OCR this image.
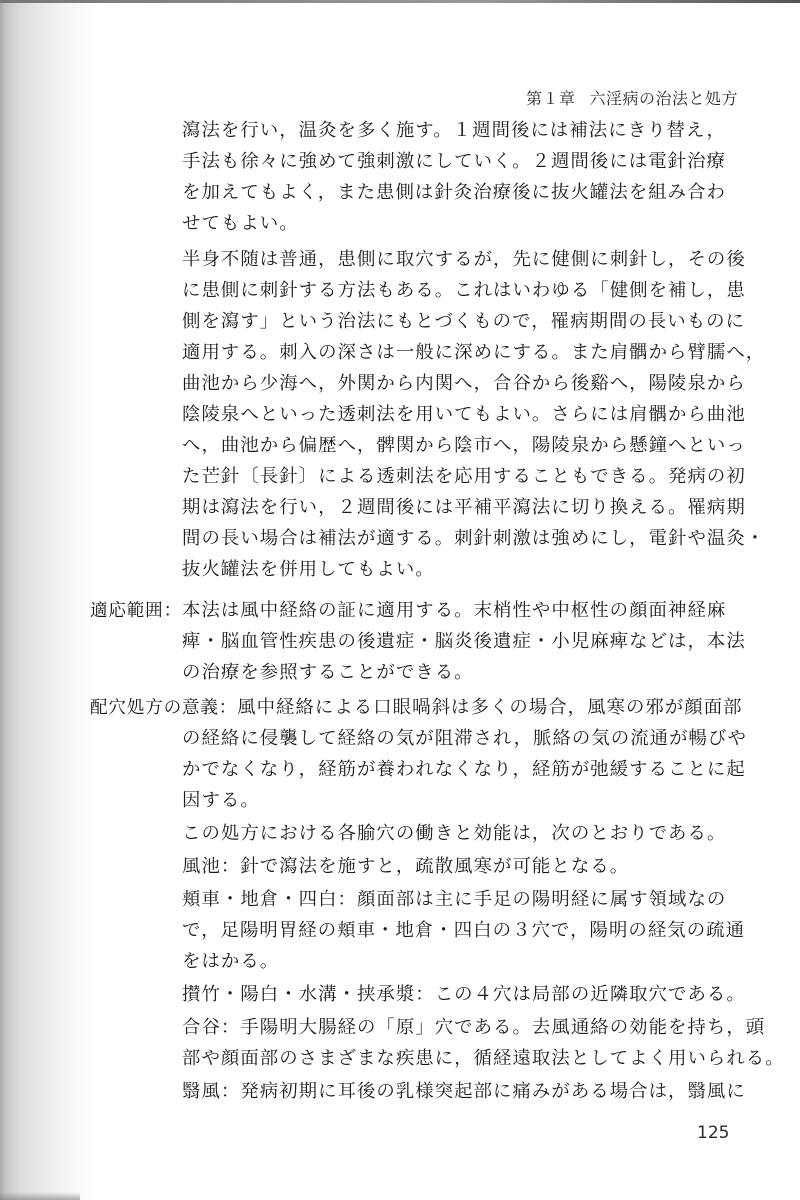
第１章 六淫病の治法と処方
瀉法を行い，温灸を多く施す。１週間後には補法にきり替え，
手法も徐々に強めて強刺激にしていく。２週間後には電針治療
を加えてもよく，また患側は針灸治療後に抜火罐法を組み合わ
せてもよい。
半身不随は普通，患側に取穴するが，先に健側に刺針し，その後
に患側に刺針する方法もある。これはいわゆる「健側を補し，患
側を瀉す」という治法にもとづくもので，罹病期間の長いものに
適用する。刺入の深さは一般に深めにする。また肩髃から臂臑へ，
曲池から少海へ，外関から内関へ，合谷から後谿へ，陽陵泉から
陰陵泉へといった透刺法を用いてもよい。さらには肩髃から曲池
へ，曲池から偏歴へ，髀関から陰市へ，陽陵泉から懸鐘へといっ
た芒針〔長針〕による透刺法を応用することもできる。発病の初
期は瀉法を行い，２週間後には平補平瀉法に切り換える。罹病期
間の長い場合は補法が適する。刺針刺激は強めにし，電針や温灸・
抜火罐法を併用してもよい。
適応範囲：本法は風中経絡の証に適用する。末梢性や中枢性の顔面神経麻
痺・脳血管性疾患の後遺症・脳炎後遺症・小児麻痺などは，本法
の治療を参照することができる。
配穴処方の意義：風中経絡による口眼喎斜は多くの場合，風寒の邪が顔面部
の経絡に侵襲して経絡の気が阻滞され，脈絡の気の流通が暢びや
かでなくなり，経筋が養われなくなり，経筋が弛緩することに起
因する。
この処方における各腧穴の働きと効能は，次のとおりである。
風池：針で瀉法を施すと，疏散風寒が可能となる。
頬車・地倉・四白：顔面部は主に手足の陽明経に属す領域なの
で，足陽明胃経の頬車・地倉・四白の３穴で，陽明の経気の疏通
をはかる。
攅竹・陽白・水溝・挟承漿：この４穴は局部の近隣取穴である。
合谷：手陽明大腸経の「原」穴である。去風通絡の効能を持ち，頭
部や顔面部のさまざまな疾患に，循経遠取法としてよく用いられる。
翳風：発病初期に耳後の乳様突起部に痛みがある場合は，翳風に
125
